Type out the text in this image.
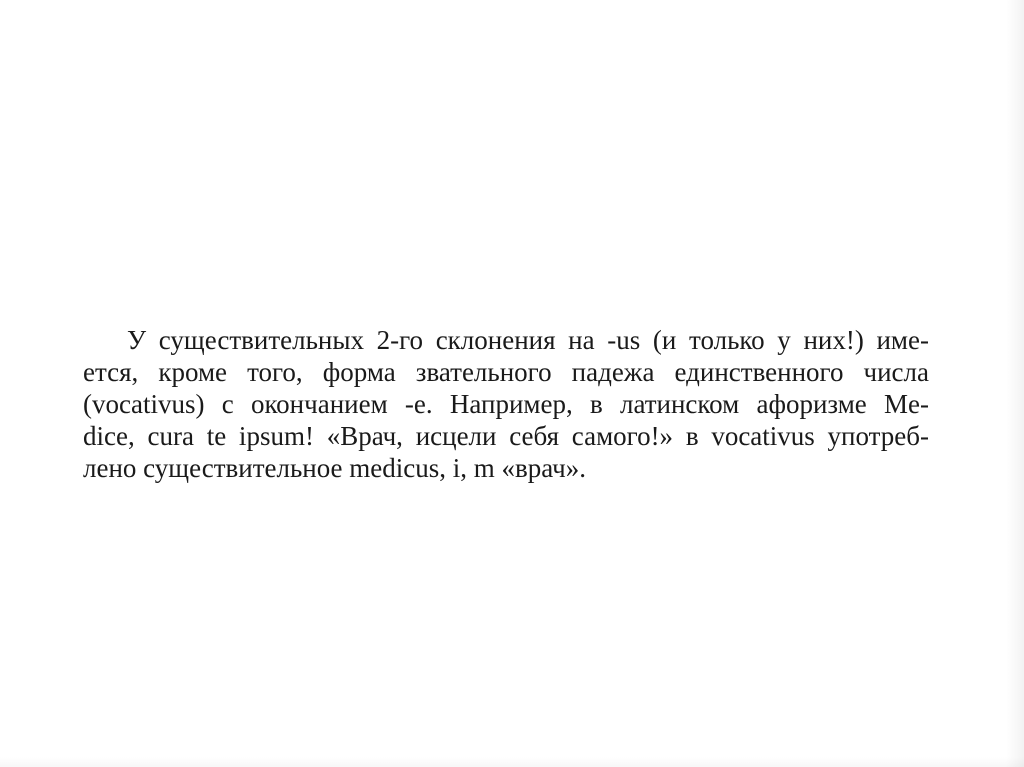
У существительных 2-го склонения на -us (и только у них!) име-
ется, кроме того, форма звательного падежа единственного числа
(vocativus) с окончанием -е. Например, в латинском афоризме Me-
dice, cura te ipsum! «Врач, исцели себя самого!» в vocativus употреб-
лено существительное medicus, i, m «врач».
